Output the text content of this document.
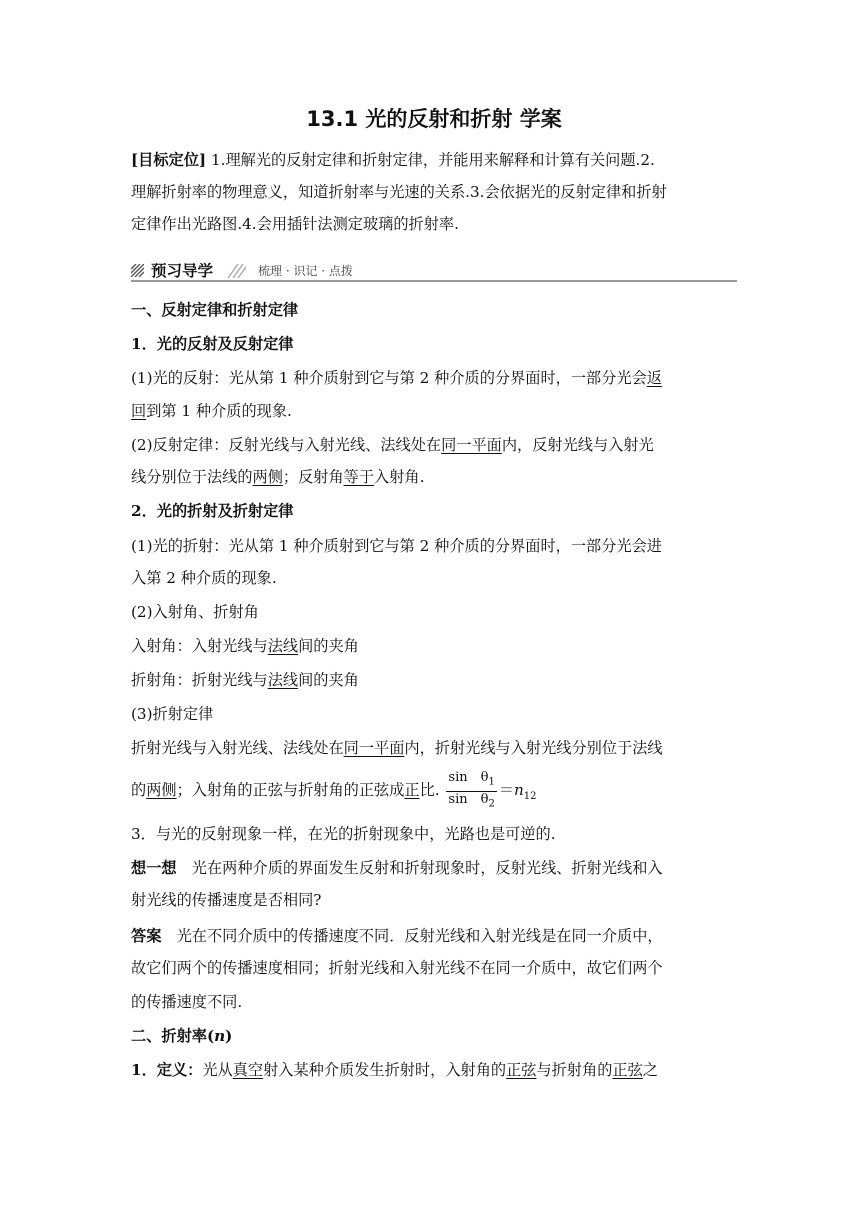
13.1 光的反射和折射 学案
[目标定位] 1.理解光的反射定律和折射定律，并能用来解释和计算有关问题.2.
理解折射率的物理意义，知道折射率与光速的关系.3.会依据光的反射定律和折射
定律作出光路图.4.会用插针法测定玻璃的折射率.
预习导学	梳理 · 识记 · 点拨
一、反射定律和折射定律
1．光的反射及反射定律
(1)光的反射：光从第 1 种介质射到它与第 2 种介质的分界面时，一部分光会返
回到第 1 种介质的现象.
(2)反射定律：反射光线与入射光线、法线处在同一平面内，反射光线与入射光
线分别位于法线的两侧；反射角等于入射角.
2．光的折射及折射定律
(1)光的折射：光从第 1 种介质射到它与第 2 种介质的分界面时，一部分光会进
入第 2 种介质的现象.
(2)入射角、折射角
入射角：入射光线与法线间的夹角
折射角：折射光线与法线间的夹角
(3)折射定律
折射光线与入射光线、法线处在同一平面内，折射光线与入射光线分别位于法线
的两侧；入射角的正弦与折射角的正弦成正比. $\frac{\sin \theta_1}{\sin \theta_2} =n_{12}$
3．与光的反射现象一样，在光的折射现象中，光路也是可逆的.
想一想　光在两种介质的界面发生反射和折射现象时，反射光线、折射光线和入
射光线的传播速度是否相同?
答案　光在不同介质中的传播速度不同．反射光线和入射光线是在同一介质中，
故它们两个的传播速度相同；折射光线和入射光线不在同一介质中，故它们两个
的传播速度不同.
二、折射率(n)
1．定义：光从真空射入某种介质发生折射时，入射角的正弦与折射角的正弦之
